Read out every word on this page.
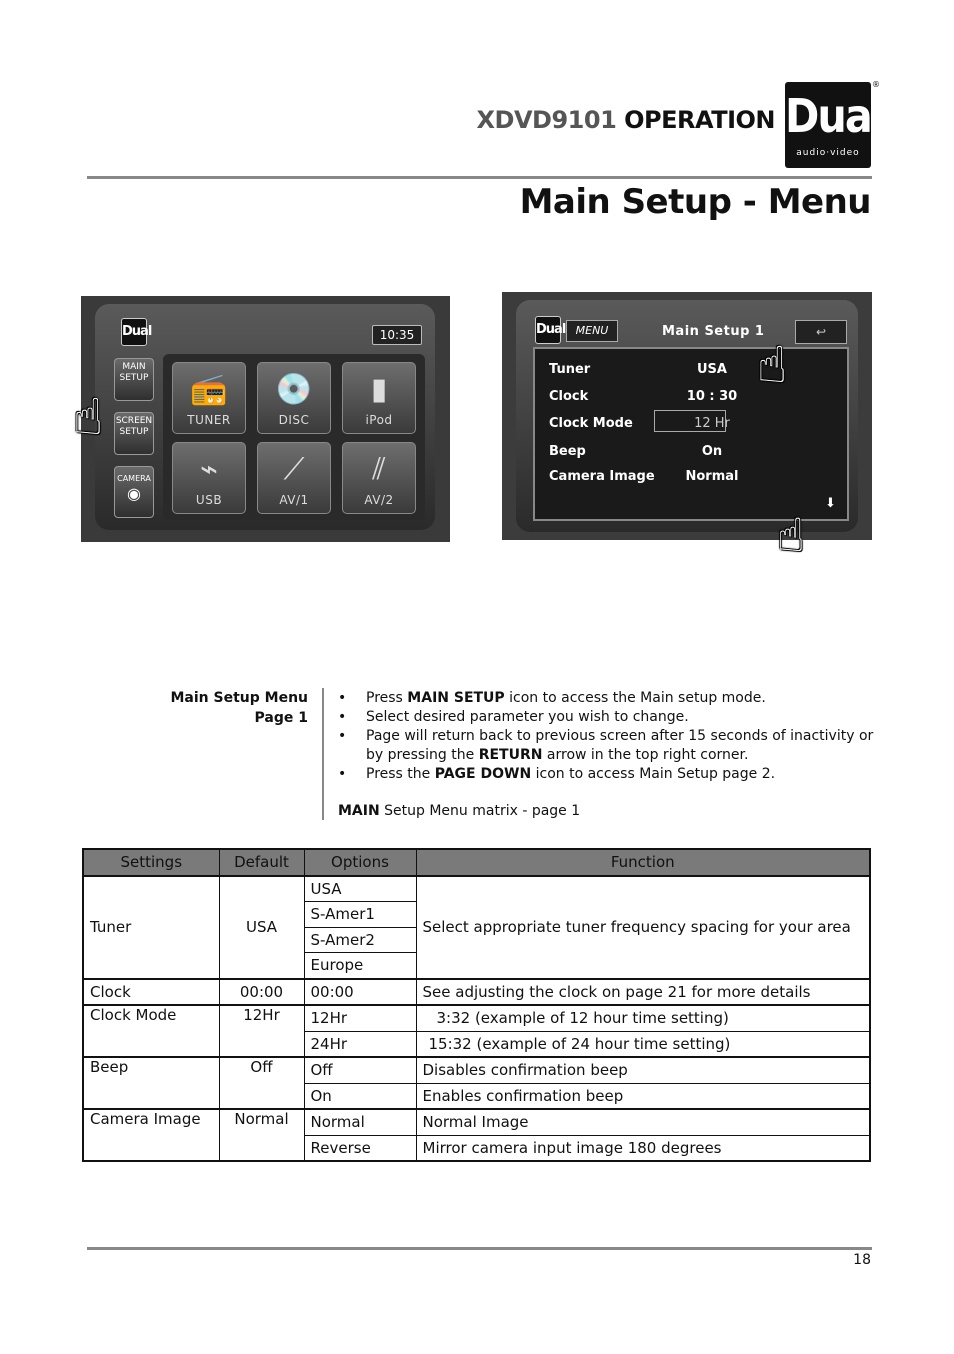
XDVD9101 OPERATION Dual
audio·video
®
Main Setup - Menu
Dual	10:35
MAIN SETUP
SCREEN SETUP
CAMERA
◉
📻
TUNER
💿
DISC
▮
iPod
⌁
USB
⟋
AV/1
⫽
AV/2
☝
Dual MENU	Main Setup 1	↩
Tuner	USA
Clock	10 : 30
Clock Mode	12 Hr
Beep	On
Camera Image	Normal
⬇
☝
☝
Main Setup Menu
Page 1
• Press MAIN SETUP icon to access the Main setup mode.
• Select desired parameter you wish to change.
• Page will return back to previous screen after 15 seconds of inactivity or by pressing the RETURN arrow in the top right corner.
• Press the PAGE DOWN icon to access Main Setup page 2.
MAIN Setup Menu matrix - page 1
Settings	Default	Options	Function
Tuner	USA	USA	Select appropriate tuner frequency spacing for your area
		S-Amer1	
		S-Amer2	
		Europe	
Clock	00:00	00:00	See adjusting the clock on page 21 for more details
Clock Mode	12Hr	12Hr	3:32 (example of 12 hour time setting)
		24Hr	15:32 (example of 24 hour time setting)
Beep	Off	Off	Disables confirmation beep
		On	Enables confirmation beep
Camera Image	Normal	Normal	Normal Image
		Reverse	Mirror camera input image 180 degrees
18
